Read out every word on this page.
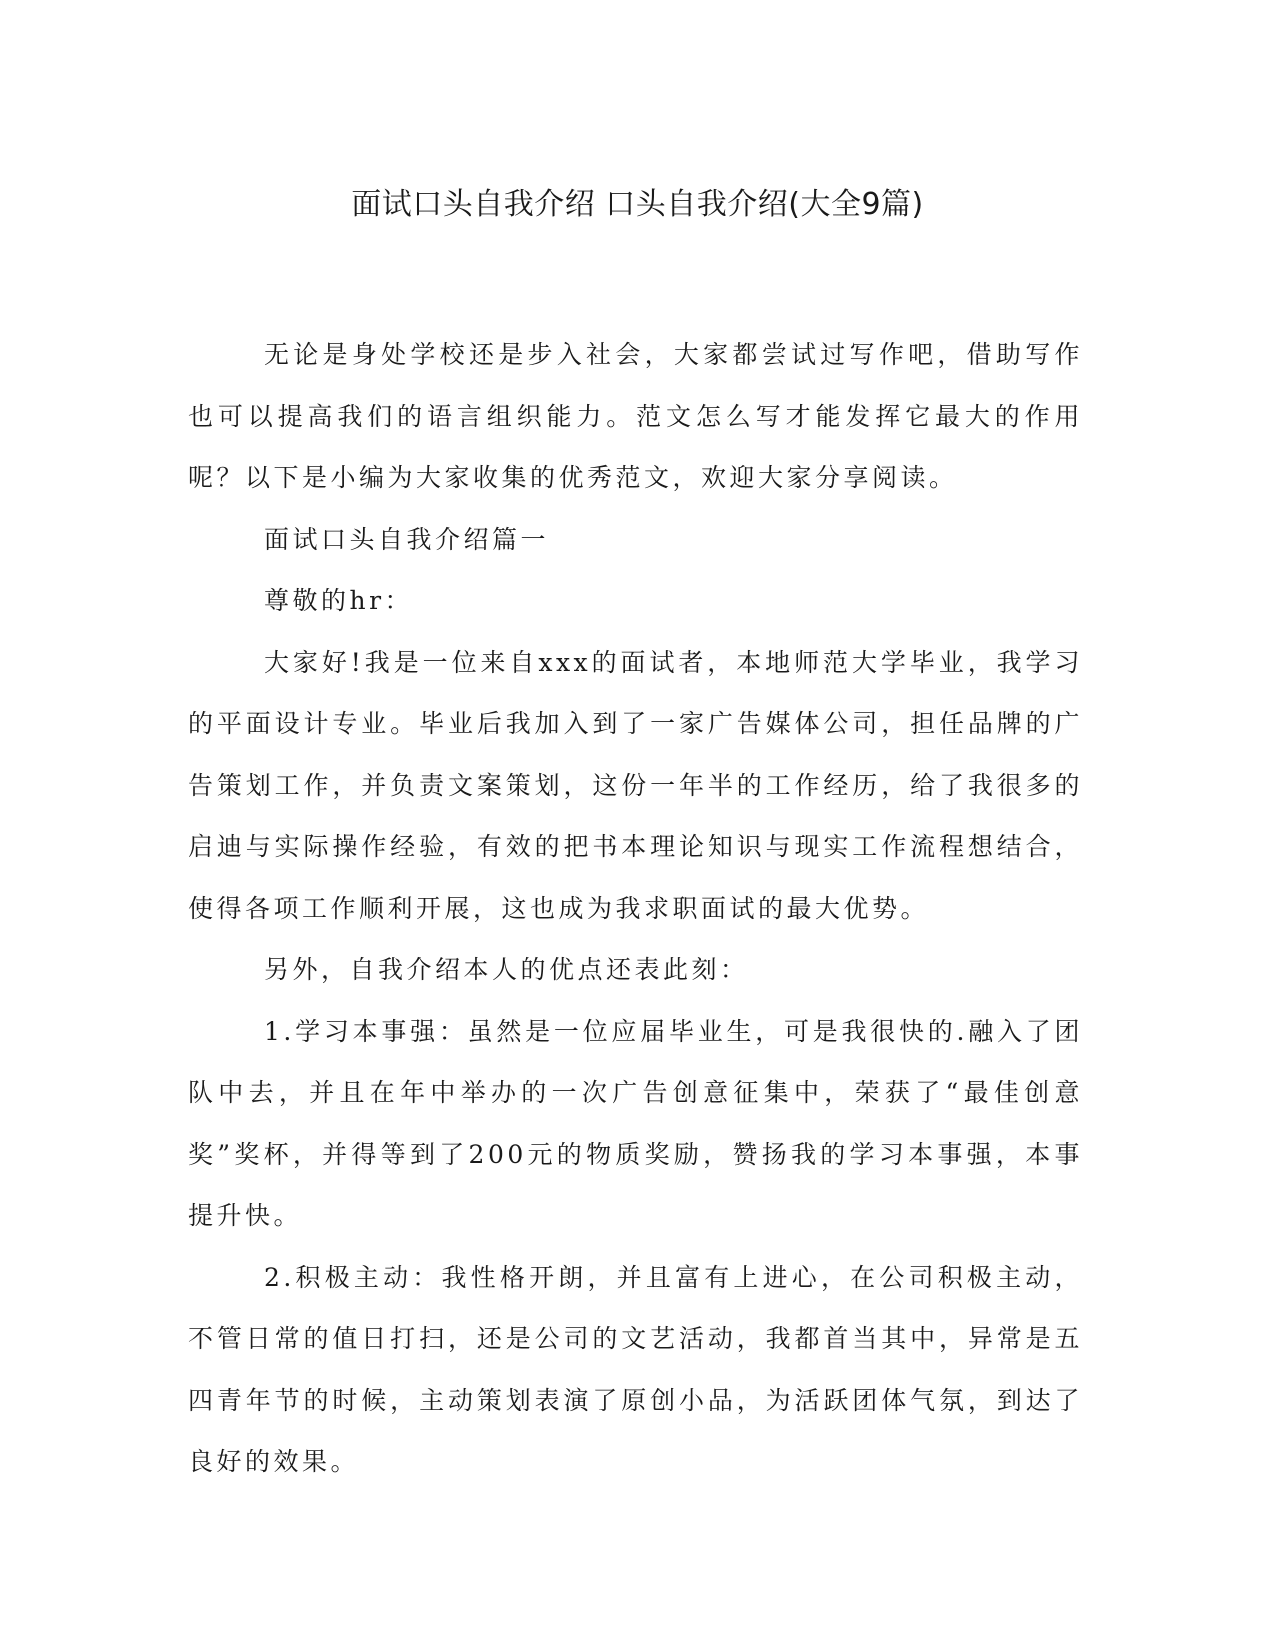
面试口头自我介绍 口头自我介绍(大全9篇)

无论是身处学校还是步入社会，大家都尝试过写作吧，借助写作也可以提高我们的语言组织能力。范文怎么写才能发挥它最大的作用呢？以下是小编为大家收集的优秀范文，欢迎大家分享阅读。

面试口头自我介绍篇一

尊敬的hr：

大家好!我是一位来自xxx的面试者，本地师范大学毕业，我学习的平面设计专业。毕业后我加入到了一家广告媒体公司，担任品牌的广告策划工作，并负责文案策划，这份一年半的工作经历，给了我很多的启迪与实际操作经验，有效的把书本理论知识与现实工作流程想结合，使得各项工作顺利开展，这也成为我求职面试的最大优势。

另外，自我介绍本人的优点还表此刻：

1.学习本事强：虽然是一位应届毕业生，可是我很快的.融入了团队中去，并且在年中举办的一次广告创意征集中，荣获了“最佳创意奖”奖杯，并得等到了200元的物质奖励，赞扬我的学习本事强，本事提升快。

2.积极主动：我性格开朗，并且富有上进心，在公司积极主动，不管日常的值日打扫，还是公司的文艺活动，我都首当其中，异常是五四青年节的时候，主动策划表演了原创小品，为活跃团体气氛，到达了良好的效果。
